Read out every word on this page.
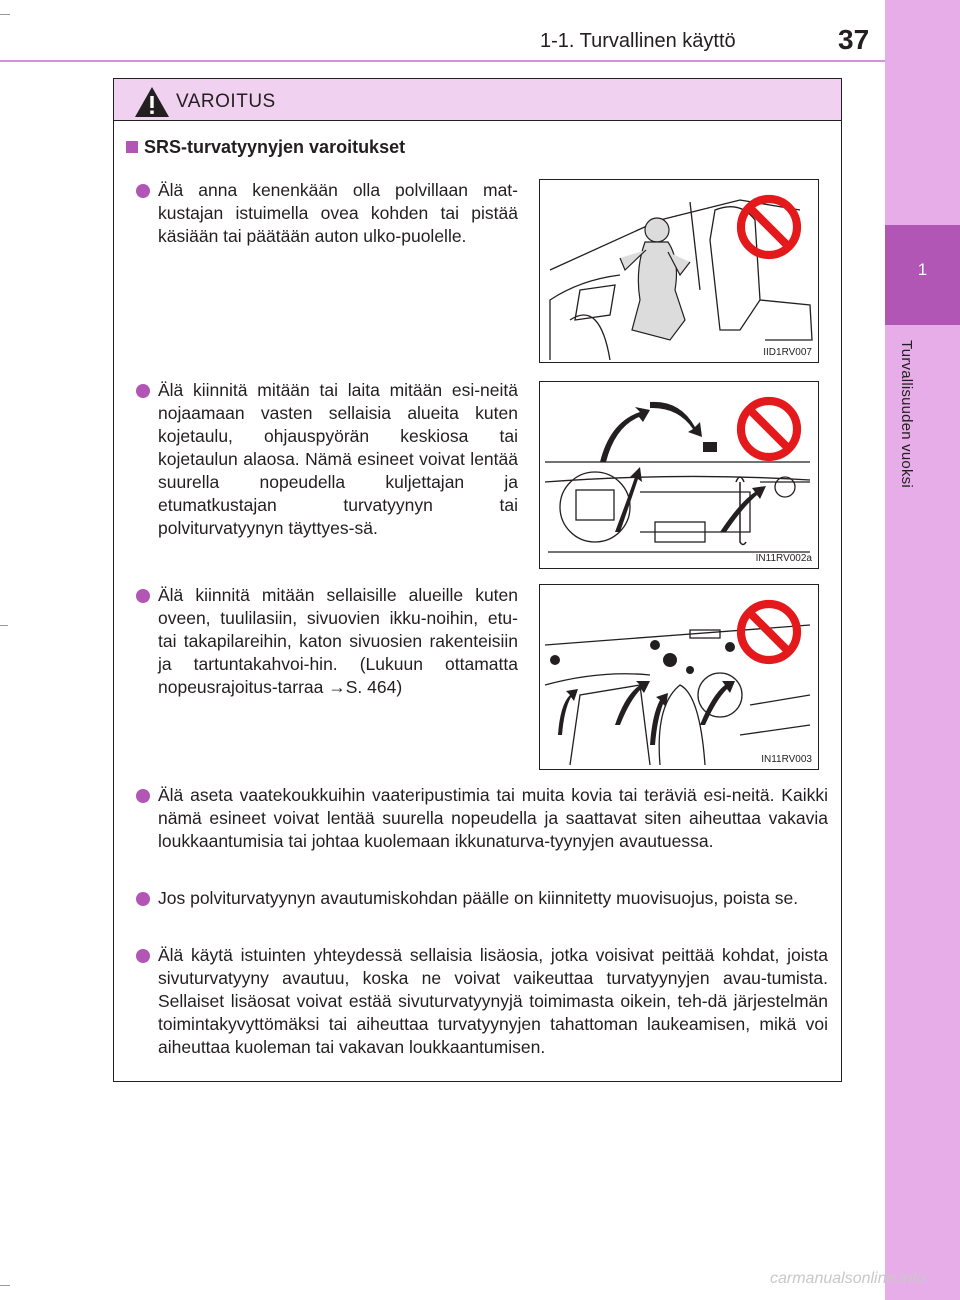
1
Turvallisuuden vuoksi
1-1. Turvallinen käyttö	37
VAROITUS
SRS-turvatyynyjen varoitukset
Älä anna kenenkään olla polvillaan mat-kustajan istuimella ovea kohden tai pistää käsiään tai päätään auton ulko-puolelle.
IID1RV007
Älä kiinnitä mitään tai laita mitään esi-neitä nojaamaan vasten sellaisia alueita kuten kojetaulu, ohjauspyörän keskiosa tai kojetaulun alaosa. Nämä esineet voivat lentää suurella nopeudella kuljettajan ja etumatkustajan turvatyynyn tai polviturvatyynyn täyttyes-sä.
IN11RV002a
Älä kiinnitä mitään sellaisille alueille kuten oveen, tuulilasiin, sivuovien ikku-noihin, etu- tai takapilareihin, katon sivuosien rakenteisiin ja tartuntakahvoi-hin. (Lukuun ottamatta nopeusrajoitus-tarraa →S. 464)
IN11RV003
Älä aseta vaatekoukkuihin vaateripustimia tai muita kovia tai teräviä esi-neitä. Kaikki nämä esineet voivat lentää suurella nopeudella ja saattavat siten aiheuttaa vakavia loukkaantumisia tai johtaa kuolemaan ikkunaturva-tyynyjen avautuessa.
Jos polviturvatyynyn avautumiskohdan päälle on kiinnitetty muovisuojus, poista se.
Älä käytä istuinten yhteydessä sellaisia lisäosia, jotka voisivat peittää kohdat, joista sivuturvatyyny avautuu, koska ne voivat vaikeuttaa turvatyynyjen avau-tumista. Sellaiset lisäosat voivat estää sivuturvatyynyjä toimimasta oikein, teh-dä järjestelmän toimintakyvyttömäksi tai aiheuttaa turvatyynyjen tahattoman laukeamisen, mikä voi aiheuttaa kuoleman tai vakavan loukkaantumisen.
carmanualsonline.info
